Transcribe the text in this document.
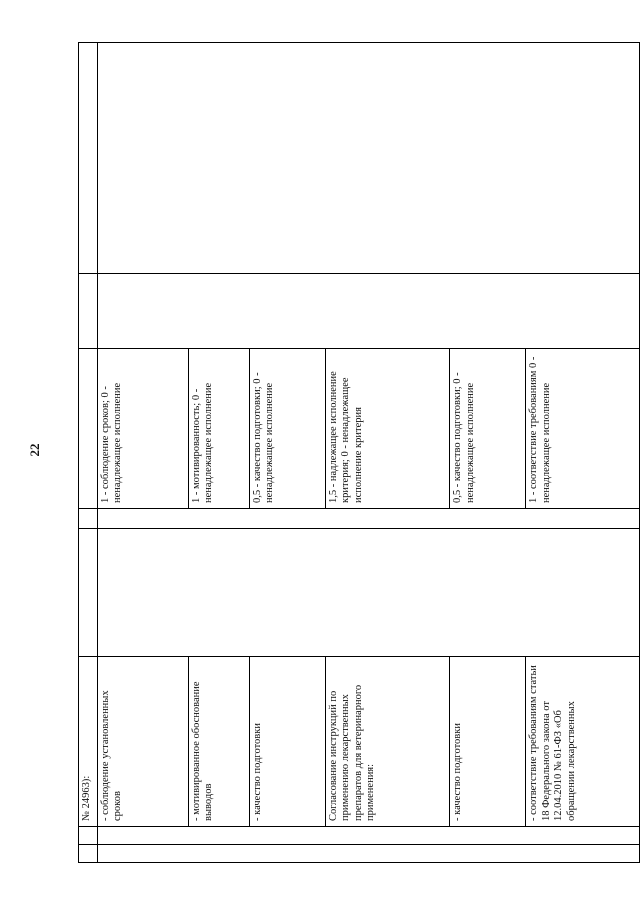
22
		№ 24963):					
		- соблюдение установленных сроков			1 - соблюдение сроков; 0 - ненадлежащее исполнение		
		- мотивированное обоснование выводов			1 - мотивированность; 0 - ненадлежащее исполнение		
		- качество подготовки			0,5 - качество подготовки; 0 - ненадлежащее исполнение		
		Согласование инструкций по применению лекарственных препаратов для ветеринарного применения:			1,5 - надлежащее исполнение критерия; 0 - ненадлежащее исполнение критерия		
		- качество подготовки			0,5 - качество подготовки; 0 - ненадлежащее исполнение		
		- соответствие требованиям статьи 18 Федерального закона от 12.04.2010 № 61-ФЗ «Об обращении лекарственных			1 - соответствие требованиям 0 - ненадлежащее исполнение		
